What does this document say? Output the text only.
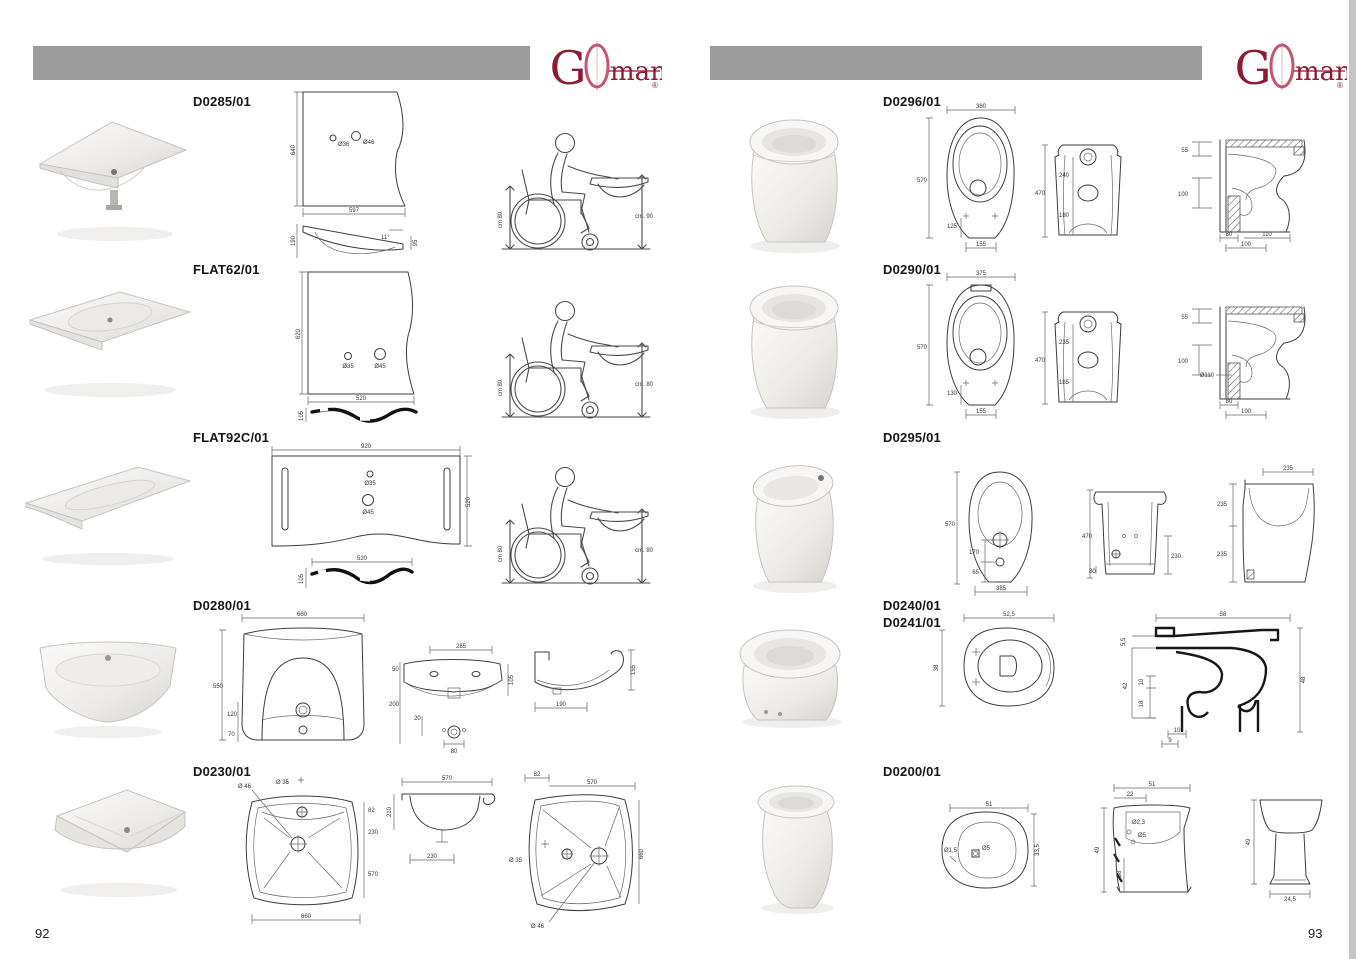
D0285/01
Ø36 Ø46
640
597
190	11°
95
cm 80	cm. 90
FLAT62/01
Ø35	Ø45
620
520
105
cm 80	cm. 80
FLAT92C/01
920
Ø35
Ø45
520
520
105
cm 80	cm. 80
D0280/01
660
550
120
70
285
50
200
20
105
80
155
190
D0230/01
Ø 46
Ø 35
82
230
570
660
570
210
230
82
570
Ø 35
660
Ø 46
92
D0296/01	380
570
125
155
470
240
180
55
100
80	110
100
D0290/01	375
570
130
155
470
235
185
55
100
Ø110
80
100
D0295/01
570
170
65
385
470
80
230
235
235
235
D0240/01
D0241/01	52,5
38
58
48
5,5
42
10
18
10
9
D0200/01
51
33,5
Ø1,5	Ø5
51
22
Ø2,3
Ø5
49
38
49
24,5
93
